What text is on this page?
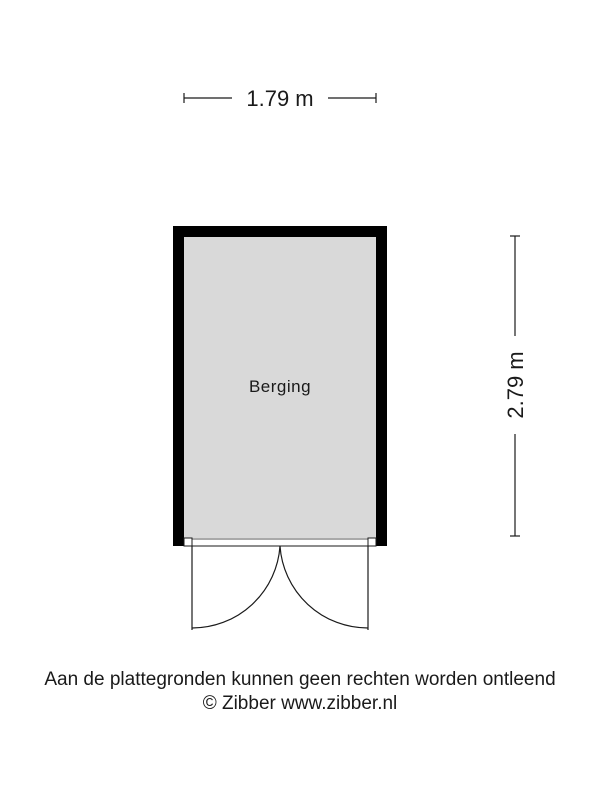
1.79 m
2.79 m
Berging
Aan de plattegronden kunnen geen rechten worden ontleend
© Zibber www.zibber.nl
